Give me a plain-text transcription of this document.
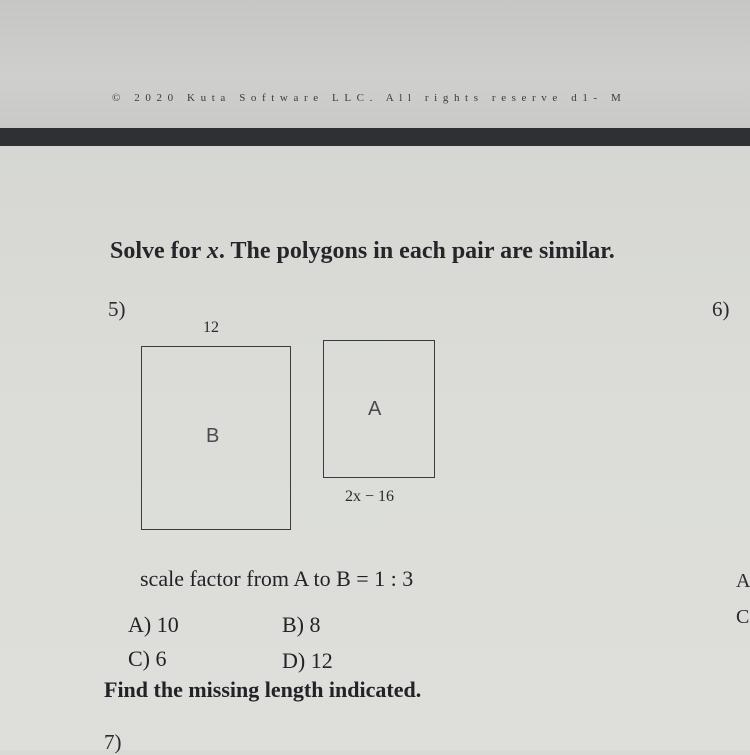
© 2020 Kuta Software LLC. All rights reserve d1- M
Solve for x. The polygons in each pair are similar.
5)	6)
12
B
A
2x − 16
scale factor from A to B = 1 : 3
A) 10	B) 8
C) 6	D) 12
A
C
Find the missing length indicated.
7)
